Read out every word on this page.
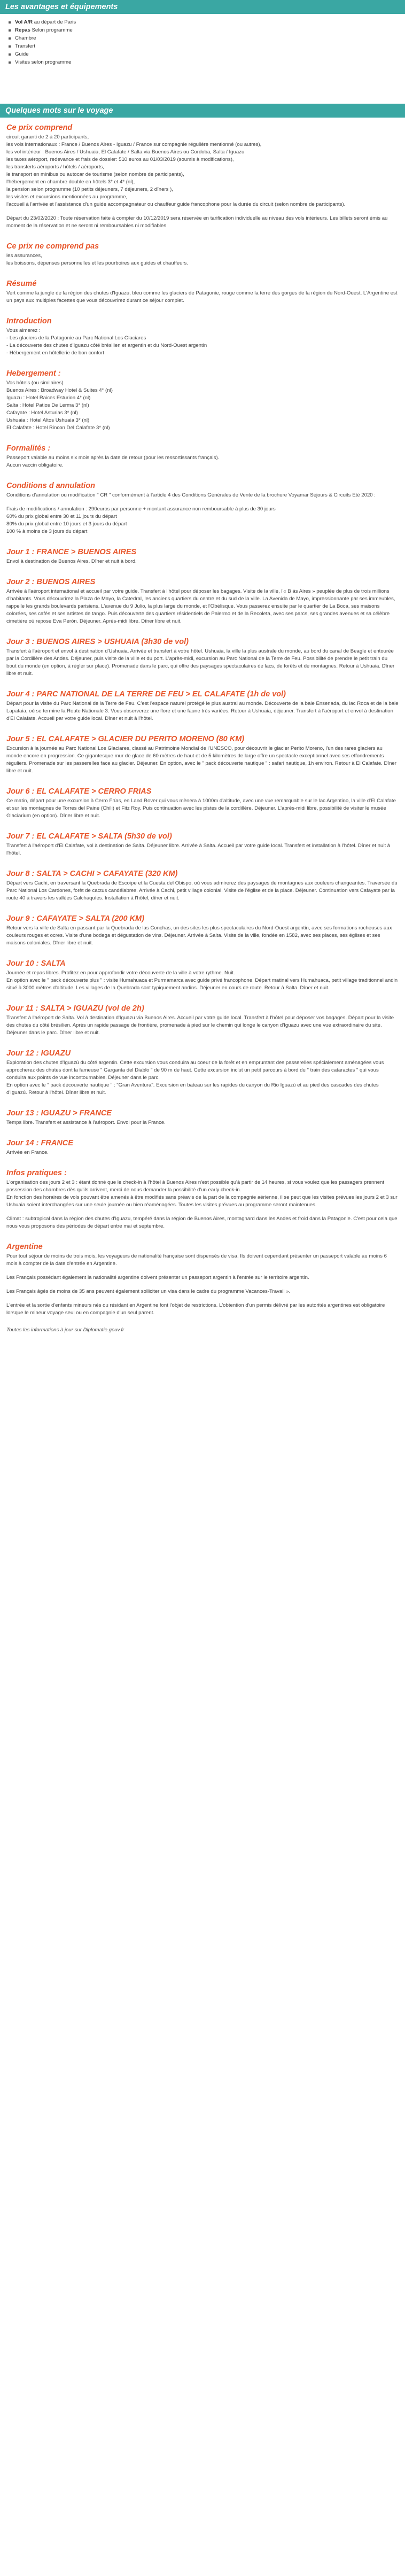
Les avantages et équipements
Vol A/R au départ de Paris
Repas Selon programme
Chambre
Transfert
Guide
Visites selon programme
Quelques mots sur le voyage
Ce prix comprend
circuit garanti de 2 à 20 participants,
les vols internationaux : France / Buenos Aires - Iguazu / France sur compagnie régulière mentionné (ou autres),
les vol intérieur : Buenos Aires / Ushuaia, El Calafate / Salta via Buenos Aires ou Cordoba, Salta / Iguazu
les taxes aéroport, redevance et frais de dossier: 510 euros au 01/03/2019 (soumis à modifications),
les transferts aéroports / hôtels / aéroports,
le transport en minibus ou autocar de tourisme (selon nombre de participants),
l'hébergement en chambre double en hôtels 3* et 4* (nl),
la pension selon programme (10 petits déjeuners, 7 déjeuners, 2 dîners ),
les visites et excursions mentionnées au programme,
l'accueil à l'arrivée et l'assistance d'un guide accompagnateur ou chauffeur guide francophone pour la durée du circuit (selon nombre de participants).
Départ du 23/02/2020 : Toute réservation faite à compter du 10/12/2019 sera réservée en tarification individuelle au niveau des vols intérieurs. Les billets seront émis au moment de la réservation et ne seront ni remboursables ni modifiables.
Ce prix ne comprend pas
les assurances,
les boissons, dépenses personnelles et les pourboires aux guides et chauffeurs.
Résumé
Vert comme la jungle de la région des chutes d'Iguazu, bleu comme les glaciers de Patagonie, rouge comme la terre des gorges de la région du Nord-Ouest. L'Argentine est un pays aux multiples facettes que vous découvrirez durant ce séjour complet.
Introduction
Vous aimerez :
- Les glaciers de la Patagonie au Parc National Los Glaciares
- La découverte des chutes d'Iguazu côté brésilien et argentin et du Nord-Ouest argentin
- Hébergement en hôtellerie de bon confort
Hebergement :
Vos hôtels (ou similaires)
Buenos Aires : Broadway Hotel & Suites 4* (nl)
Iguazu : Hotel Raices Esturion 4* (nl)
Salta : Hotel Patios De Lerma 3* (nl)
Cafayate : Hotel Asturias 3* (nl)
Ushuaia : Hotel Altos Ushuaia 3* (nl)
El Calafate : Hotel Rincon Del Calafate 3* (nl)
Formalités :
Passeport valable au moins six mois après la date de retour (pour les ressortissants français).
Aucun vaccin obligatoire.
Conditions d annulation
Conditions d'annulation ou modification " CR " conformément à l'article 4 des Conditions Générales de Vente de la brochure Voyamar Séjours & Circuits Eté 2020 :
Frais de modifications / annulation : 290euros par personne + montant assurance non remboursable à plus de 30 jours
60% du prix global entre 30 et 11 jours du départ
80% du prix global entre 10 jours et 3 jours du départ
100 % à moins de 3 jours du départ
Jour 1 : FRANCE > BUENOS AIRES
Envol à destination de Buenos Aires. Dîner et nuit à bord.
Jour 2 : BUENOS AIRES
Arrivée à l'aéroport international et accueil par votre guide. Transfert à l'hôtel pour déposer les bagages. Visite de la ville, l'« B ás Aires » peuplée de plus de trois millions d'habitants. Vous découvrirez la Plaza de Mayo, la Catedral, les anciens quartiers du centre et du sud de la ville. La Avenida de Mayo, impressionnante par ses immeubles, rappelle les grands boulevards parisiens. L'avenue du 9 Julio, la plus large du monde, et l'Obélisque. Vous passerez ensuite par le quartier de La Boca, ses maisons colorées, ses cafés et ses artistes de tango. Puis découverte des quartiers résidentiels de Palermo et de la Recoleta, avec ses parcs, ses grandes avenues et sa célèbre cimetière où repose Eva Perón. Déjeuner. Après-midi libre. Dîner libre et nuit.
Jour 3 : BUENOS AIRES > USHUAIA (3h30 de vol)
Transfert à l'aéroport et envol à destination d'Ushuaia. Arrivée et transfert à votre hôtel. Ushuaia, la ville la plus australe du monde, au bord du canal de Beagle et entourée par la Cordillère des Andes. Déjeuner, puis visite de la ville et du port. L'après-midi, excursion au Parc National de la Terre de Feu. Possibilité de prendre le petit train du bout du monde (en option, à régler sur place). Promenade dans le parc, qui offre des paysages spectaculaires de lacs, de forêts et de montagnes. Retour à Ushuaia. Dîner libre et nuit.
Jour 4 : PARC NATIONAL DE LA TERRE DE FEU > EL CALAFATE (1h de vol)
Départ pour la visite du Parc National de la Terre de Feu. C'est l'espace naturel protégé le plus austral au monde. Découverte de la baie Ensenada, du lac Roca et de la baie Lapataia, où se termine la Route Nationale 3. Vous observerez une flore et une faune très variées. Retour à Ushuaia, déjeuner. Transfert à l'aéroport et envol à destination d'El Calafate. Accueil par votre guide local. Dîner et nuit à l'hôtel.
Jour 5 : EL CALAFATE > GLACIER DU PERITO MORENO (80 KM)
Excursion à la journée au Parc National Los Glaciares, classé au Patrimoine Mondial de l'UNESCO, pour découvrir le glacier Perito Moreno, l'un des rares glaciers au monde encore en progression. Ce gigantesque mur de glace de 60 mètres de haut et de 5 kilomètres de large offre un spectacle exceptionnel avec ses effondrements réguliers. Promenade sur les passerelles face au glacier. Déjeuner. En option, avec le " pack découverte nautique " : safari nautique, 1h environ. Retour à El Calafate. Dîner libre et nuit.
Jour 6 : EL CALAFATE > CERRO FRIAS
Ce matin, départ pour une excursion à Cerro Frías, en Land Rover qui vous mènera à 1000m d'altitude, avec une vue remarquable sur le lac Argentino, la ville d'El Calafate et sur les montagnes de Torres del Paine (Chili) et Fitz Roy. Puis continuation avec les pistes de la cordillère. Déjeuner. L'après-midi libre, possibilité de visiter le musée Glaciarium (en option). Dîner libre et nuit.
Jour 7 : EL CALAFATE > SALTA (5h30 de vol)
Transfert à l'aéroport d'El Calafate, vol à destination de Salta. Déjeuner libre. Arrivée à Salta. Accueil par votre guide local. Transfert et installation à l'hôtel. Dîner et nuit à l'hôtel.
Jour 8 : SALTA > CACHI > CAFAYATE (320 KM)
Départ vers Cachi, en traversant la Quebrada de Escoipe et la Cuesta del Obispo, où vous admirerez des paysages de montagnes aux couleurs changeantes. Traversée du Parc National Los Cardones, forêt de cactus candélabres. Arrivée à Cachi, petit village colonial. Visite de l'église et de la place. Déjeuner. Continuation vers Cafayate par la route 40 à travers les vallées Calchaquíes. Installation à l'hôtel, dîner et nuit.
Jour 9 : CAFAYATE > SALTA (200 KM)
Retour vers la ville de Salta en passant par la Quebrada de las Conchas, un des sites les plus spectaculaires du Nord-Ouest argentin, avec ses formations rocheuses aux couleurs rouges et ocres. Visite d'une bodega et dégustation de vins. Déjeuner. Arrivée à Salta. Visite de la ville, fondée en 1582, avec ses places, ses églises et ses maisons coloniales. Dîner libre et nuit.
Jour 10 : SALTA
Journée et repas libres. Profitez en pour approfondir votre découverte de la ville à votre rythme. Nuit.
En option avec le " pack découverte plus " : visite Humahuaca et Purmamarca avec guide privé francophone. Départ matinal vers Humahuaca, petit village traditionnel andin situé à 3000 mètres d'altitude. Les villages de la Quebrada sont typiquement andins. Déjeuner en cours de route. Retour à Salta. Dîner et nuit.
Jour 11 : SALTA > IGUAZU (vol de 2h)
Transfert à l'aéroport de Salta. Vol à destination d'Iguazu via Buenos Aires. Accueil par votre guide local. Transfert à l'hôtel pour déposer vos bagages. Départ pour la visite des chutes du côté brésilien. Après un rapide passage de frontière, promenade à pied sur le chemin qui longe le canyon d'Iguazu avec une vue extraordinaire du site. Déjeuner dans le parc. Dîner libre et nuit.
Jour 12 : IGUAZU
Exploration des chutes d'Iguazú du côté argentin. Cette excursion vous conduira au coeur de la forêt et en empruntant des passerelles spécialement aménagées vous approcherez des chutes dont la fameuse " Garganta del Diablo " de 90 m de haut. Cette excursion inclut un petit parcours à bord du " train des cataractes " qui vous conduira aux points de vue incontournables. Déjeuner dans le parc.
En option avec le " pack découverte nautique " : "Gran Aventura". Excursion en bateau sur les rapides du canyon du Rio Iguazú et au pied des cascades des chutes d'Iguazú. Retour à l'hôtel. Dîner libre et nuit.
Jour 13 : IGUAZU > FRANCE
Temps libre. Transfert et assistance à l'aéroport. Envol pour la France.
Jour 14 : FRANCE
Arrivée en France.
Infos pratiques :
L'organisation des jours 2 et 3 : étant donné que le check-in à l'hôtel à Buenos Aires n'est possible qu'à partir de 14 heures, si vous voulez que les passagers prennent possession des chambres dès qu'ils arrivent, merci de nous demander la possibilité d'un early check-in.
En fonction des horaires de vols pouvant être amenés à être modifiés sans préavis de la part de la compagnie aérienne, il se peut que les visites prévues les jours 2 et 3 sur Ushuaia soient interchangées sur une seule journée ou bien réaménagées. Toutes les visites prévues au programme seront maintenues.
Climat : subtropical dans la région des chutes d'Iguazu, tempéré dans la région de Buenos Aires, montagnard dans les Andes et froid dans la Patagonie. C'est pour cela que nous vous proposons des périodes de départ entre mai et septembre.
Argentine
Pour tout séjour de moins de trois mois, les voyageurs de nationalité française sont dispensés de visa. Ils doivent cependant présenter un passeport valable au moins 6 mois à compter de la date d'entrée en Argentine.
Les Français possédant également la nationalité argentine doivent présenter un passeport argentin à l'entrée sur le territoire argentin.
Les Français âgés de moins de 35 ans peuvent également solliciter un visa dans le cadre du programme Vacances-Travail ».
L'entrée et la sortie d'enfants mineurs nés ou résidant en Argentine font l'objet de restrictions. L'obtention d'un permis délivré par les autorités argentines est obligatoire lorsque le mineur voyage seul ou en compagnie d'un seul parent.
Toutes les informations à jour sur Diplomatie.gouv.fr
